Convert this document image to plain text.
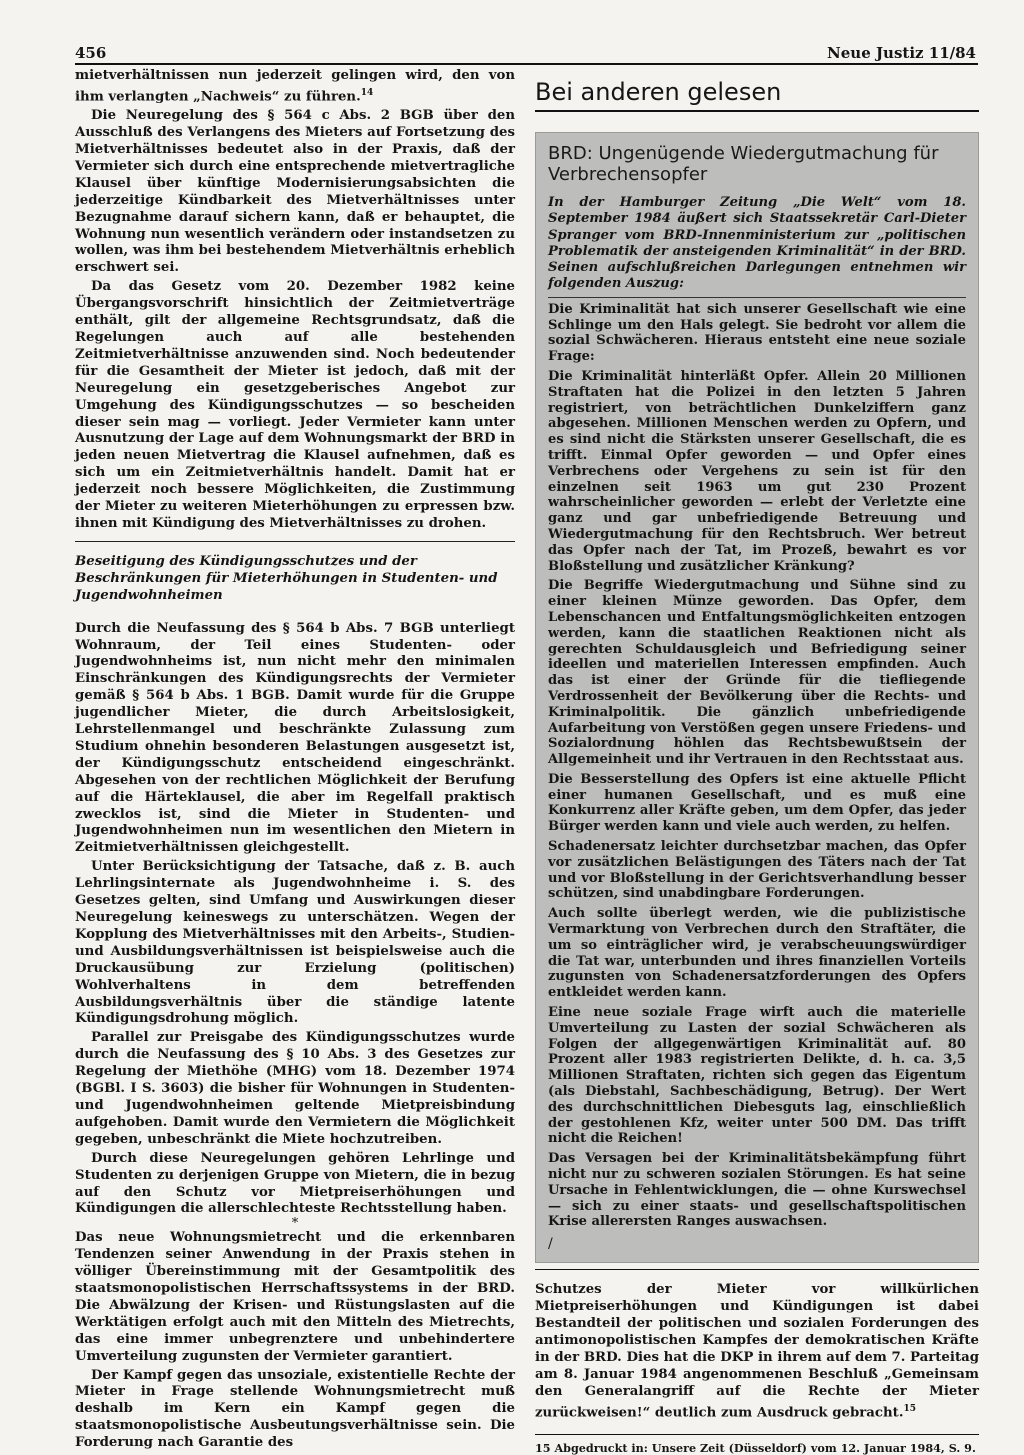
456	Neue Justiz 11/84

mietverhältnissen nun jederzeit gelingen wird, den von ihm verlangten „Nachweis“ zu führen.$^{14}$

Die Neuregelung des § 564 c Abs. 2 BGB über den Ausschluß des Verlangens des Mieters auf Fortsetzung des Mietverhältnisses bedeutet also in der Praxis, daß der Vermieter sich durch eine entsprechende mietvertragliche Klausel über künftige Modernisierungsabsichten die jederzeitige Kündbarkeit des Mietverhältnisses unter Bezugnahme darauf sichern kann, daß er behauptet, die Wohnung nun wesentlich verändern oder instandsetzen zu wollen, was ihm bei bestehendem Mietverhältnis erheblich erschwert sei.

Da das Gesetz vom 20. Dezember 1982 keine Übergangsvorschrift hinsichtlich der Zeitmietverträge enthält, gilt der allgemeine Rechtsgrundsatz, daß die Regelungen auch auf alle bestehenden Zeitmietverhältnisse anzuwenden sind. Noch bedeutender für die Gesamtheit der Mieter ist jedoch, daß mit der Neuregelung ein gesetzgeberisches Angebot zur Umgehung des Kündigungsschutzes — so bescheiden dieser sein mag — vorliegt. Jeder Vermieter kann unter Ausnutzung der Lage auf dem Wohnungsmarkt der BRD in jeden neuen Mietvertrag die Klausel aufnehmen, daß es sich um ein Zeitmietverhältnis handelt. Damit hat er jederzeit noch bessere Möglichkeiten, die Zustimmung der Mieter zu weiteren Mieterhöhungen zu erpressen bzw. ihnen mit Kündigung des Mietverhältnisses zu drohen.

Beseitigung des Kündigungsschutzes und der Beschränkungen für Mieterhöhungen in Studenten- und Jugendwohnheimen

Durch die Neufassung des § 564 b Abs. 7 BGB unterliegt Wohnraum, der Teil eines Studenten- oder Jugendwohnheims ist, nun nicht mehr den minimalen Einschränkungen des Kündigungsrechts der Vermieter gemäß § 564 b Abs. 1 BGB. Damit wurde für die Gruppe jugendlicher Mieter, die durch Arbeitslosigkeit, Lehrstellenmangel und beschränkte Zulassung zum Studium ohnehin besonderen Belastungen ausgesetzt ist, der Kündigungsschutz entscheidend eingeschränkt. Abgesehen von der rechtlichen Möglichkeit der Berufung auf die Härteklausel, die aber im Regelfall praktisch zwecklos ist, sind die Mieter in Studenten- und Jugendwohnheimen nun im wesentlichen den Mietern in Zeitmietverhältnissen gleichgestellt.

Unter Berücksichtigung der Tatsache, daß z. B. auch Lehrlingsinternate als Jugendwohnheime i. S. des Gesetzes gelten, sind Umfang und Auswirkungen dieser Neuregelung keineswegs zu unterschätzen. Wegen der Kopplung des Mietverhältnisses mit den Arbeits-, Studien- und Ausbildungsverhältnissen ist beispielsweise auch die Druckausübung zur Erzielung (politischen) Wohlverhaltens in dem betreffenden Ausbildungsverhältnis über die ständige latente Kündigungsdrohung möglich.

Parallel zur Preisgabe des Kündigungsschutzes wurde durch die Neufassung des § 10 Abs. 3 des Gesetzes zur Regelung der Miethöhe (MHG) vom 18. Dezember 1974 (BGBl. I S. 3603) die bisher für Wohnungen in Studenten- und Jugendwohnheimen geltende Mietpreisbindung aufgehoben. Damit wurde den Vermietern die Möglichkeit gegeben, unbeschränkt die Miete hochzutreiben.

Durch diese Neuregelungen gehören Lehrlinge und Studenten zu derjenigen Gruppe von Mietern, die in bezug auf den Schutz vor Mietpreiserhöhungen und Kündigungen die allerschlechteste Rechtsstellung haben.

*

Das neue Wohnungsmietrecht und die erkennbaren Tendenzen seiner Anwendung in der Praxis stehen in völliger Übereinstimmung mit der Gesamtpolitik des staatsmonopolistischen Herrschaftssystems in der BRD. Die Abwälzung der Krisen- und Rüstungslasten auf die Werktätigen erfolgt auch mit den Mitteln des Mietrechts, das eine immer unbegrenztere und unbehindertere Umverteilung zugunsten der Vermieter garantiert.

Der Kampf gegen das unsoziale, existentielle Rechte der Mieter in Frage stellende Wohnungsmietrecht muß deshalb im Kern ein Kampf gegen die staatsmonopolistische Ausbeutungsverhältnisse sein. Die Forderung nach Garantie des

Bei anderen gelesen
BRD: Ungenügende Wiedergutmachung für Verbrechensopfer

In der Hamburger Zeitung „Die Welt“ vom 18. September 1984 äußert sich Staatssekretär Carl-Dieter Spranger vom BRD-Innenministerium zur „politischen Problematik der ansteigenden Kriminalität“ in der BRD. Seinen aufschlußreichen Darlegungen entnehmen wir folgenden Auszug:

Die Kriminalität hat sich unserer Gesellschaft wie eine Schlinge um den Hals gelegt. Sie bedroht vor allem die sozial Schwächeren. Hieraus entsteht eine neue soziale Frage:

Die Kriminalität hinterläßt Opfer. Allein 20 Millionen Straftaten hat die Polizei in den letzten 5 Jahren registriert, von beträchtlichen Dunkelziffern ganz abgesehen. Millionen Menschen werden zu Opfern, und es sind nicht die Stärksten unserer Gesellschaft, die es trifft. Einmal Opfer geworden — und Opfer eines Verbrechens oder Vergehens zu sein ist für den einzelnen seit 1963 um gut 230 Prozent wahrscheinlicher geworden — erlebt der Verletzte eine ganz und gar unbefriedigende Betreuung und Wiedergutmachung für den Rechtsbruch. Wer betreut das Opfer nach der Tat, im Prozeß, bewahrt es vor Bloßstellung und zusätzlicher Kränkung?

Die Begriffe Wiedergutmachung und Sühne sind zu einer kleinen Münze geworden. Das Opfer, dem Lebenschancen und Entfaltungsmöglichkeiten entzogen werden, kann die staatlichen Reaktionen nicht als gerechten Schuldausgleich und Befriedigung seiner ideellen und materiellen Interessen empfinden. Auch das ist einer der Gründe für die tiefliegende Verdrossenheit der Bevölkerung über die Rechts- und Kriminalpolitik. Die gänzlich unbefriedigende Aufarbeitung von Verstößen gegen unsere Friedens- und Sozialordnung höhlen das Rechtsbewußtsein der Allgemeinheit und ihr Vertrauen in den Rechtsstaat aus.

Die Besserstellung des Opfers ist eine aktuelle Pflicht einer humanen Gesellschaft, und es muß eine Konkurrenz aller Kräfte geben, um dem Opfer, das jeder Bürger werden kann und viele auch werden, zu helfen.

Schadenersatz leichter durchsetzbar machen, das Opfer vor zusätzlichen Belästigungen des Täters nach der Tat und vor Bloßstellung in der Gerichtsverhandlung besser schützen, sind unabdingbare Forderungen.

Auch sollte überlegt werden, wie die publizistische Vermarktung von Verbrechen durch den Straftäter, die um so einträglicher wird, je verabscheuungswürdiger die Tat war, unterbunden und ihres finanziellen Vorteils zugunsten von Schadenersatzforderungen des Opfers entkleidet werden kann.

Eine neue soziale Frage wirft auch die materielle Umverteilung zu Lasten der sozial Schwächeren als Folgen der allgegenwärtigen Kriminalität auf. 80 Prozent aller 1983 registrierten Delikte, d. h. ca. 3,5 Millionen Straftaten, richten sich gegen das Eigentum (als Diebstahl, Sachbeschädigung, Betrug). Der Wert des durchschnittlichen Diebesguts lag, einschließlich der gestohlenen Kfz, weiter unter 500 DM. Das trifft nicht die Reichen!

Das Versagen bei der Kriminalitätsbekämpfung führt nicht nur zu schweren sozialen Störungen. Es hat seine Ursache in Fehlentwicklungen, die — ohne Kurswechsel — sich zu einer staats- und gesellschaftspolitischen Krise allerersten Ranges auswachsen.

/

Schutzes der Mieter vor willkürlichen Mietpreiserhöhungen und Kündigungen ist dabei Bestandteil der politischen und sozialen Forderungen des antimonopolistischen Kampfes der demokratischen Kräfte in der BRD. Dies hat die DKP in ihrem auf dem 7. Parteitag am 8. Januar 1984 angenommenen Beschluß „Gemeinsam den Generalangriff auf die Rechte der Mieter zurückweisen!“ deutlich zum Ausdruck gebracht.$^{15}$

15 Abgedruckt in: Unsere Zeit (Düsseldorf) vom 12. Januar 1984, S. 9.
